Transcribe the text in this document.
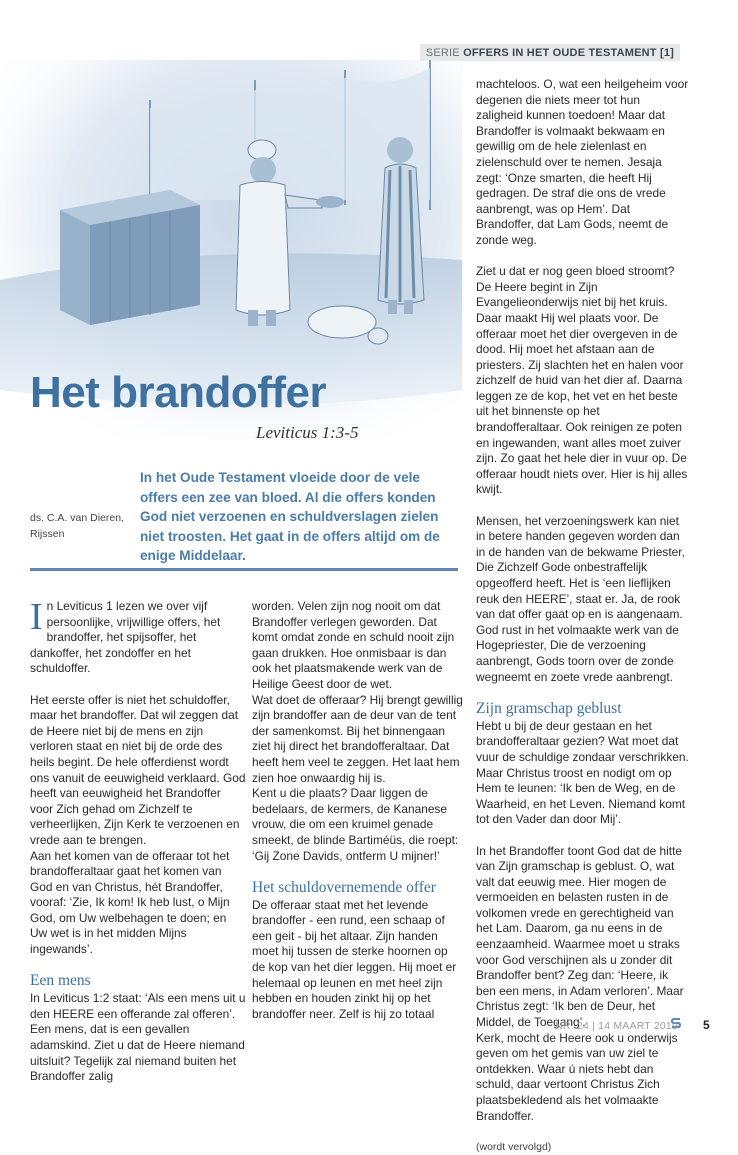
SERIE OFFERS IN HET OUDE TESTAMENT [1]
Het brandoffer
Leviticus 1:3-5
ds. C.A. van Dieren,
Rijssen
In het Oude Testament vloeide door de vele offers een zee van bloed. Al die offers konden God niet verzoenen en schuldverslagen zielen niet troosten. Het gaat in de offers altijd om de enige Middelaar.

In Leviticus 1 lezen we over vijf persoonlijke, vrijwillige offers, het brandoffer, het spijsoffer, het dankoffer, het zondoffer en het schuldoffer.

Het eerste offer is niet het schuldoffer, maar het brandoffer. Dat wil zeggen dat de Heere niet bij de mens en zijn verloren staat en niet bij de orde des heils begint. De hele offerdienst wordt ons vanuit de eeuwigheid verklaard. God heeft van eeuwigheid het Brandoffer voor Zich gehad om Zichzelf te verheerlijken, Zijn Kerk te verzoenen en vrede aan te brengen.

Aan het komen van de offeraar tot het brandofferaltaar gaat het komen van God en van Christus, hét Brandoffer, vooraf: ‘Zie, Ik kom! Ik heb lust, o Mijn God, om Uw welbehagen te doen; en Uw wet is in het midden Mijns ingewands’.

Een mens

In Leviticus 1:2 staat: ‘Als een mens uit u den HEERE een offerande zal offeren’. Een mens, dat is een gevallen adamskind. Ziet u dat de Heere niemand uitsluit? Tegelijk zal niemand buiten het Brandoffer zalig

worden. Velen zijn nog nooit om dat Brandoffer verlegen geworden. Dat komt omdat zonde en schuld nooit zijn gaan drukken. Hoe onmisbaar is dan ook het plaatsmakende werk van de Heilige Geest door de wet.

Wat doet de offeraar? Hij brengt gewillig zijn brandoffer aan de deur van de tent der samenkomst. Bij het binnengaan ziet hij direct het brandofferaltaar. Dat heeft hem veel te zeggen. Het laat hem zien hoe onwaardig hij is.

Kent u die plaats? Daar liggen de bedelaars, de kermers, de Kananese vrouw, die om een kruimel genade smeekt, de blinde Bartiméüs, die roept: ‘Gij Zone Davids, ontferm U mijner!’

Het schuldovernemende offer

De offeraar staat met het levende brandoffer - een rund, een schaap of een geit - bij het altaar. Zijn handen moet hij tussen de sterke hoornen op de kop van het dier leggen. Hij moet er helemaal op leunen en met heel zijn hebben en houden zinkt hij op het brandoffer neer. Zelf is hij zo totaal

machteloos. O, wat een heilgeheim voor degenen die niets meer tot hun zaligheid kunnen toedoen! Maar dat Brandoffer is volmaakt bekwaam en gewillig om de hele zielenlast en zielenschuld over te nemen. Jesaja zegt: ‘Onze smarten, die heeft Hij gedragen. De straf die ons de vrede aanbrengt, was op Hem’. Dat Brandoffer, dat Lam Gods, neemt de zonde weg.

Ziet u dat er nog geen bloed stroomt? De Heere begint in Zijn Evangelieonderwijs niet bij het kruis. Daar maakt Hij wel plaats voor. De offeraar moet het dier overgeven in de dood. Hij moet het afstaan aan de priesters. Zij slachten het en halen voor zichzelf de huid van het dier af. Daarna leggen ze de kop, het vet en het beste uit het binnenste op het brandofferaltaar. Ook reinigen ze poten en ingewanden, want alles moet zuiver zijn. Zo gaat het hele dier in vuur op. De offeraar houdt niets over. Hier is hij alles kwijt.

Mensen, het verzoeningswerk kan niet in betere handen gegeven worden dan in de handen van de bekwame Priester, Die Zichzelf Gode onbestraffelijk opgeofferd heeft. Het is ‘een lieflijken reuk den HEERE’, staat er. Ja, de rook van dat offer gaat op en is aangenaam. God rust in het volmaakte werk van de Hogepriester, Die de verzoening aanbrengt, Gods toorn over de zonde wegneemt en zoete vrede aanbrengt.

Zijn gramschap geblust

Hebt u bij de deur gestaan en het brandofferaltaar gezien? Wat moet dat vuur de schuldige zondaar verschrikken. Maar Christus troost en nodigt om op Hem te leunen: ‘Ik ben de Weg, en de Waarheid, en het Leven. Niemand komt tot den Vader dan door Mij’.

In het Brandoffer toont God dat de hitte van Zijn gramschap is geblust. O, wat valt dat eeuwig mee. Hier mogen de vermoeiden en belasten rusten in de volkomen vrede en gerechtigheid van het Lam. Daarom, ga nu eens in de eenzaamheid. Waarmee moet u straks voor God verschijnen als u zonder dit Brandoffer bent? Zeg dan: ‘Heere, ik ben een mens, in Adam verloren’. Maar Christus zegt: ‘Ik ben de Deur, het Middel, de Toegang’.

Kerk, mocht de Heere ook u onderwijs geven om het gemis van uw ziel te ontdekken. Waar ú niets hebt dan schuld, daar vertoont Christus Zich plaatsbekledend als het volmaakte Brandoffer.

(wordt vervolgd)

NR. 24 | 14 MAART 2019 5
